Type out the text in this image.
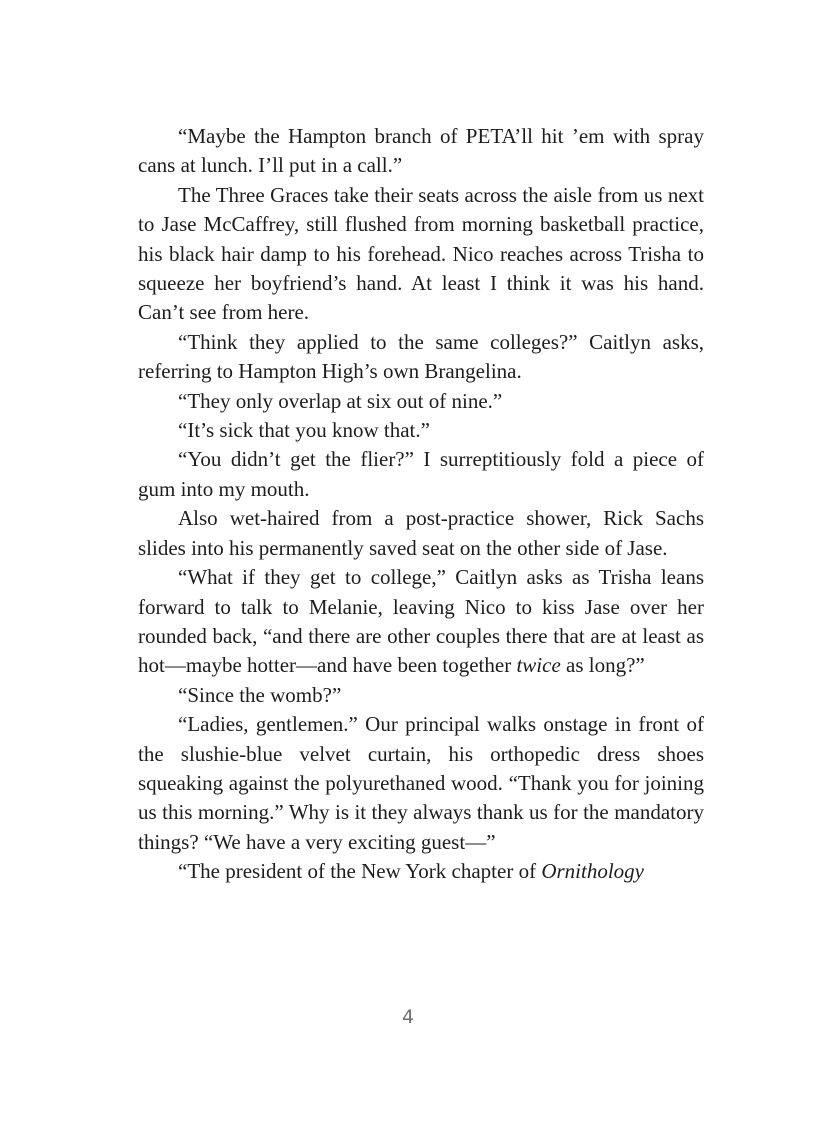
“Maybe the Hampton branch of PETA’ll hit ’em with spray cans at lunch. I’ll put in a call.”

The Three Graces take their seats across the aisle from us next to Jase McCaffrey, still flushed from morning basketball practice, his black hair damp to his forehead. Nico reaches across Trisha to squeeze her boyfriend’s hand. At least I think it was his hand. Can’t see from here.

“Think they applied to the same colleges?” Caitlyn asks, referring to Hampton High’s own Brangelina.

“They only overlap at six out of nine.”

“It’s sick that you know that.”

“You didn’t get the flier?” I surreptitiously fold a piece of gum into my mouth.

Also wet-haired from a post-practice shower, Rick Sachs slides into his permanently saved seat on the other side of Jase.

“What if they get to college,” Caitlyn asks as Trisha leans forward to talk to Melanie, leaving Nico to kiss Jase over her rounded back, “and there are other couples there that are at least as hot—maybe hotter—and have been together twice as long?”

“Since the womb?”

“Ladies, gentlemen.” Our principal walks onstage in front of the slushie-blue velvet curtain, his orthopedic dress shoes squeaking against the polyurethaned wood. “Thank you for joining us this morning.” Why is it they always thank us for the mandatory things? “We have a very exciting guest—”

“The president of the New York chapter of Ornithology

4
